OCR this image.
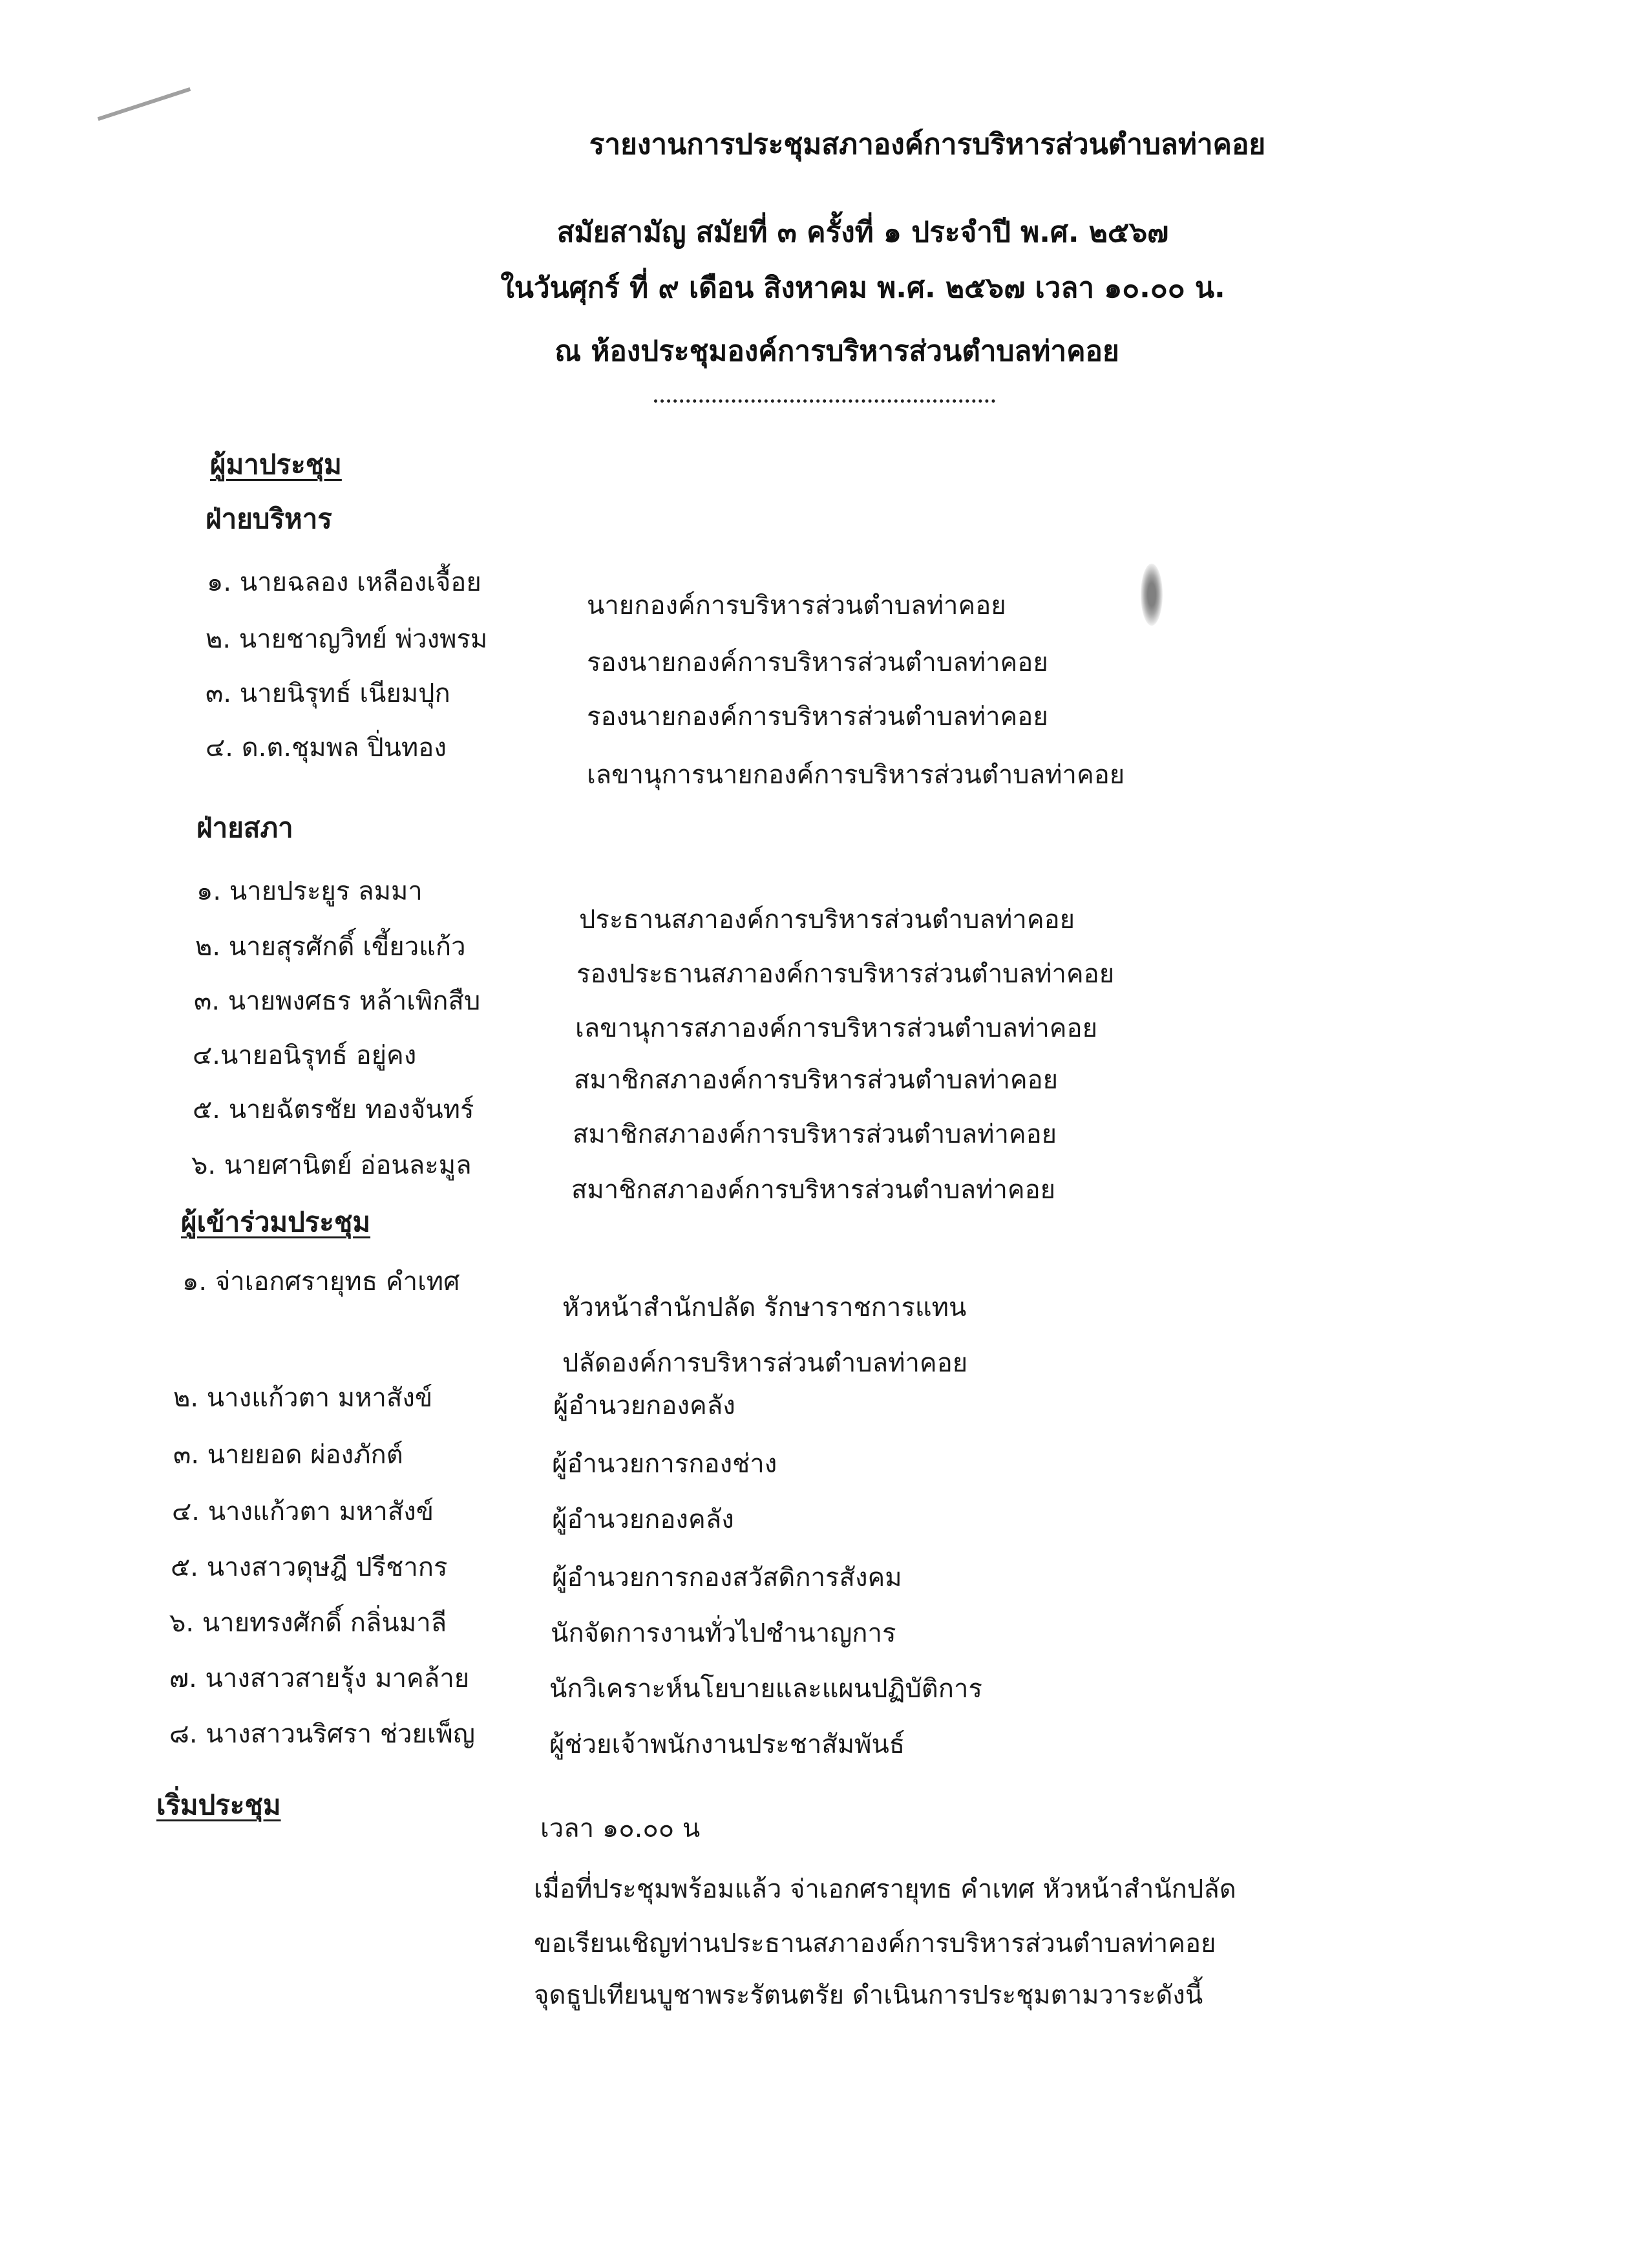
รายงานการประชุมสภาองค์การบริหารส่วนตำบลท่าคอย
สมัยสามัญ สมัยที่ ๓ ครั้งที่ ๑ ประจำปี พ.ศ. ๒๕๖๗
ในวันศุกร์ ที่ ๙ เดือน สิงหาคม พ.ศ. ๒๕๖๗ เวลา ๑๐.๐๐ น.
ณ ห้องประชุมองค์การบริหารส่วนตำบลท่าคอย
ผู้มาประชุม
ฝ่ายบริหาร
๑. นายฉลอง เหลืองเจื้อย
นายกองค์การบริหารส่วนตำบลท่าคอย
๒. นายชาญวิทย์ พ่วงพรม
รองนายกองค์การบริหารส่วนตำบลท่าคอย
๓. นายนิรุทธ์ เนียมปุก
รองนายกองค์การบริหารส่วนตำบลท่าคอย
๔. ด.ต.ชุมพล ปิ่นทอง
เลขานุการนายกองค์การบริหารส่วนตำบลท่าคอย
ฝ่ายสภา
๑. นายประยูร ลมมา
ประธานสภาองค์การบริหารส่วนตำบลท่าคอย
๒. นายสุรศักดิ์ เขี้ยวแก้ว
รองประธานสภาองค์การบริหารส่วนตำบลท่าคอย
๓. นายพงศธร หล้าเพิกสืบ
เลขานุการสภาองค์การบริหารส่วนตำบลท่าคอย
๔.นายอนิรุทธ์ อยู่คง
สมาชิกสภาองค์การบริหารส่วนตำบลท่าคอย
๕. นายฉัตรชัย ทองจันทร์
สมาชิกสภาองค์การบริหารส่วนตำบลท่าคอย
๖. นายศานิตย์ อ่อนละมูล
สมาชิกสภาองค์การบริหารส่วนตำบลท่าคอย
ผู้เข้าร่วมประชุม
๑. จ่าเอกศรายุทธ คำเทศ
หัวหน้าสำนักปลัด รักษาราชการแทน
ปลัดองค์การบริหารส่วนตำบลท่าคอย
๒. นางแก้วตา มหาสังข์	ผู้อำนวยกองคลัง
๓. นายยอด ผ่องภักต์	ผู้อำนวยการกองช่าง
๔. นางแก้วตา มหาสังข์	ผู้อำนวยกองคลัง
๕. นางสาวดุษฎี ปรีชากร	ผู้อำนวยการกองสวัสดิการสังคม
๖. นายทรงศักดิ์ กลิ่นมาลี	นักจัดการงานทั่วไปชำนาญการ
๗. นางสาวสายรุ้ง มาคล้าย	นักวิเคราะห์นโยบายและแผนปฏิบัติการ
๘. นางสาวนริศรา ช่วยเพ็ญ	ผู้ช่วยเจ้าพนักงานประชาสัมพันธ์
เริ่มประชุม
เวลา ๑๐.๐๐ น
เมื่อที่ประชุมพร้อมแล้ว จ่าเอกศรายุทธ คำเทศ หัวหน้าสำนักปลัด
ขอเรียนเชิญท่านประธานสภาองค์การบริหารส่วนตำบลท่าคอย
จุดธูปเทียนบูชาพระรัตนตรัย ดำเนินการประชุมตามวาระดังนี้
